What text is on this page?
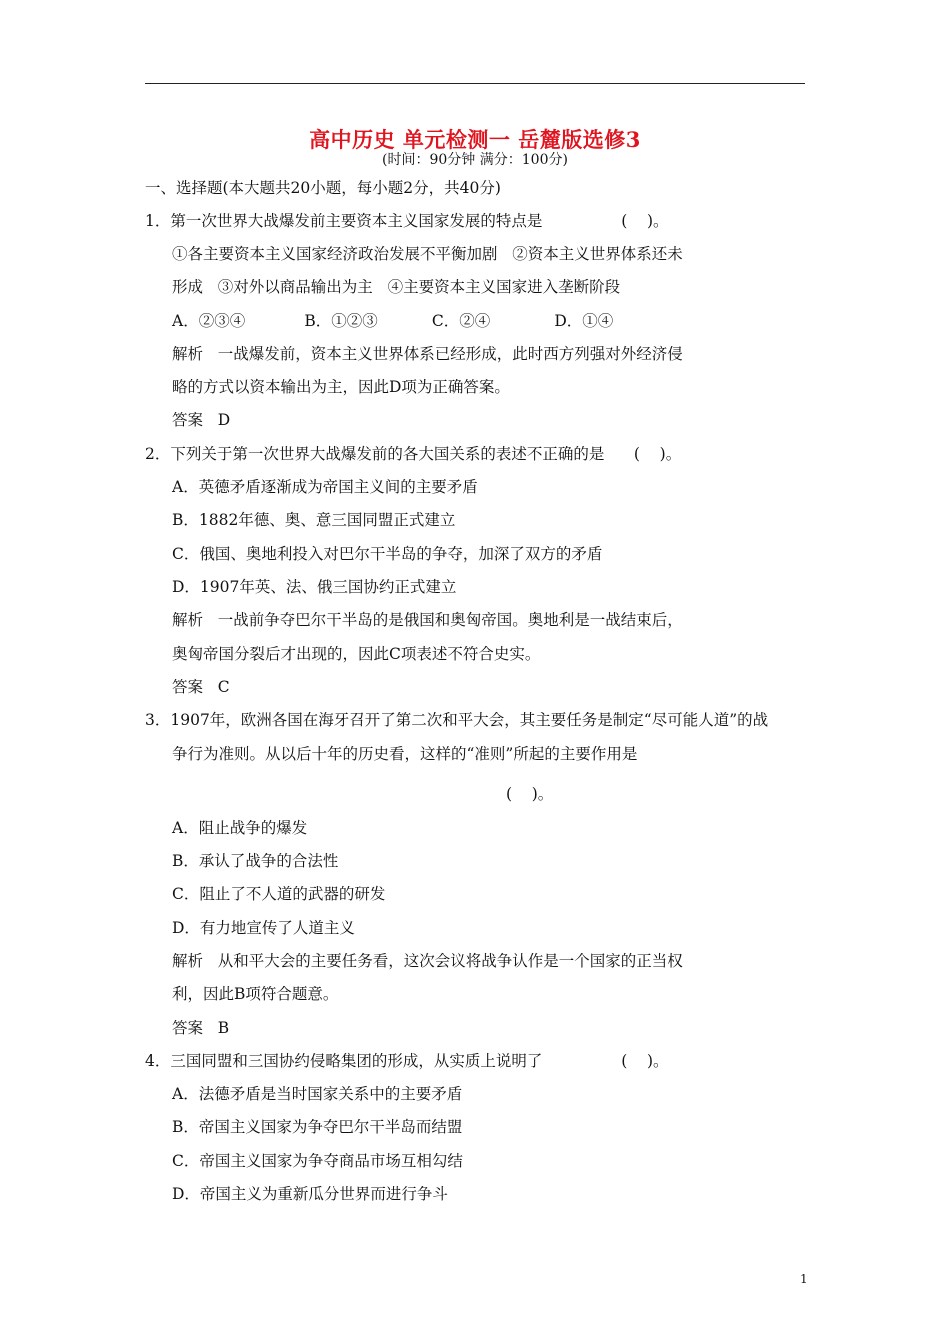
高中历史 单元检测一 岳麓版选修3
(时间：90分钟 满分：100分)
一、选择题(本大题共20小题，每小题2分，共40分)
1．第一次世界大战爆发前主要资本主义国家发展的特点是                (    )。
①各主要资本主义国家经济政治发展不平衡加剧   ②资本主义世界体系还未
形成   ③对外以商品输出为主   ④主要资本主义国家进入垄断阶段
A．②③④            B．①②③           C．②④             D．①④
解析   一战爆发前，资本主义世界体系已经形成，此时西方列强对外经济侵
略的方式以资本输出为主，因此D项为正确答案。
答案   D
2．下列关于第一次世界大战爆发前的各大国关系的表述不正确的是      (    )。
A．英德矛盾逐渐成为帝国主义间的主要矛盾
B．1882年德、奥、意三国同盟正式建立
C．俄国、奥地利投入对巴尔干半岛的争夺，加深了双方的矛盾
D．1907年英、法、俄三国协约正式建立
解析   一战前争夺巴尔干半岛的是俄国和奥匈帝国。奥地利是一战结束后，
奥匈帝国分裂后才出现的，因此C项表述不符合史实。
答案   C
3．1907年，欧洲各国在海牙召开了第二次和平大会，其主要任务是制定“尽可能人道”的战
争行为准则。从以后十年的历史看，这样的“准则”所起的主要作用是
(    )。
A．阻止战争的爆发
B．承认了战争的合法性
C．阻止了不人道的武器的研发
D．有力地宣传了人道主义
解析   从和平大会的主要任务看，这次会议将战争认作是一个国家的正当权
利，因此B项符合题意。
答案   B
4．三国同盟和三国协约侵略集团的形成，从实质上说明了                (    )。
A．法德矛盾是当时国家关系中的主要矛盾
B．帝国主义国家为争夺巴尔干半岛而结盟
C．帝国主义国家为争夺商品市场互相勾结
D．帝国主义为重新瓜分世界而进行争斗
1
